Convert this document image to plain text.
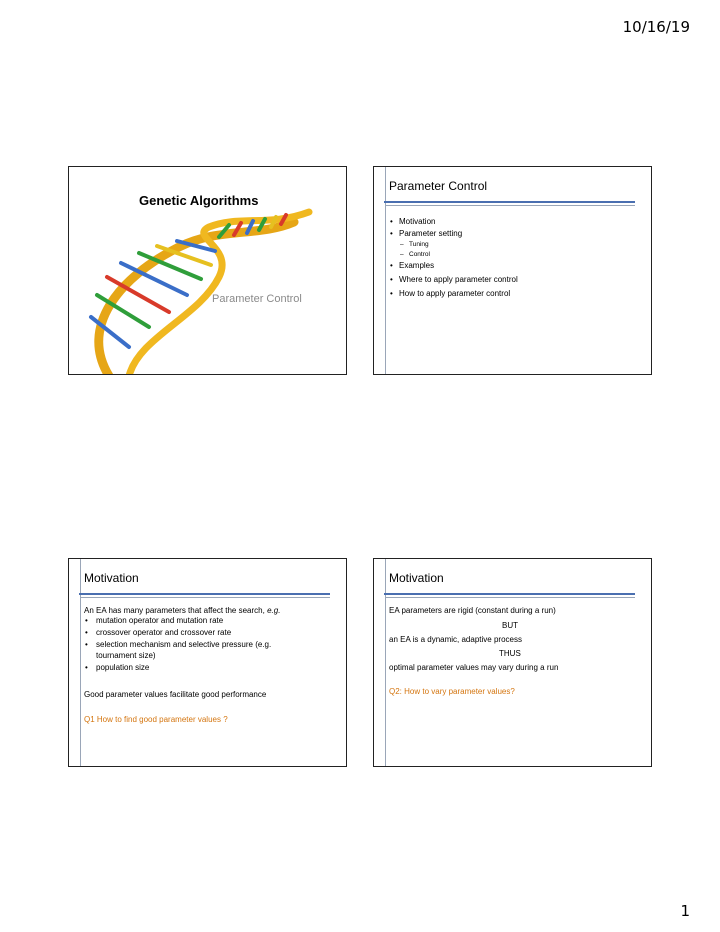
10/16/19
Genetic Algorithms
Parameter Control
Parameter Control
• Motivation
• Parameter setting
– Tuning
– Control
• Examples
• Where to apply parameter control
• How to apply parameter control
Motivation
An EA has many parameters that affect the search, e.g.
• mutation operator and mutation rate
• crossover operator and crossover rate
• selection mechanism and selective pressure (e.g. tournament size)
• population size
Good parameter values facilitate good performance
Q1 How to find good parameter values ?
Motivation
EA parameters are rigid (constant during a run)
BUT
an EA is a dynamic, adaptive process
THUS
optimal parameter values may vary during a run
Q2: How to vary parameter values?
1
